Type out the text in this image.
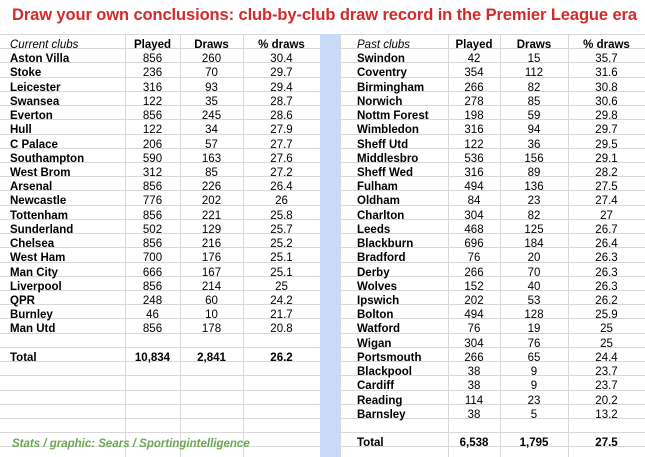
Draw your own conclusions: club-by-club draw record in the Premier League era
Current clubs	Played	Draws	% draws
Aston Villa	856	260	30.4
Stoke	236	70	29.7
Leicester	316	93	29.4
Swansea	122	35	28.7
Everton	856	245	28.6
Hull	122	34	27.9
C Palace	206	57	27.7
Southampton	590	163	27.6
West Brom	312	85	27.2
Arsenal	856	226	26.4
Newcastle	776	202	26
Tottenham	856	221	25.8
Sunderland	502	129	25.7
Chelsea	856	216	25.2
West Ham	700	176	25.1
Man City	666	167	25.1
Liverpool	856	214	25
QPR	248	60	24.2
Burnley	46	10	21.7
Man Utd	856	178	20.8
Total	10,834	2,841	26.2
Past clubs	Played	Draws	% draws
Swindon	42	15	35.7
Coventry	354	112	31.6
Birmingham	266	82	30.8
Norwich	278	85	30.6
Nottm Forest	198	59	29.8
Wimbledon	316	94	29.7
Sheff Utd	122	36	29.5
Middlesbro	536	156	29.1
Sheff Wed	316	89	28.2
Fulham	494	136	27.5
Oldham	84	23	27.4
Charlton	304	82	27
Leeds	468	125	26.7
Blackburn	696	184	26.4
Bradford	76	20	26.3
Derby	266	70	26.3
Wolves	152	40	26.3
Ipswich	202	53	26.2
Bolton	494	128	25.9
Watford	76	19	25
Wigan	304	76	25
Portsmouth	266	65	24.4
Blackpool	38	9	23.7
Cardiff	38	9	23.7
Reading	114	23	20.2
Barnsley	38	5	13.2
Total	6,538	1,795	27.5
Stats / graphic: Sears / Sportingintelligence
